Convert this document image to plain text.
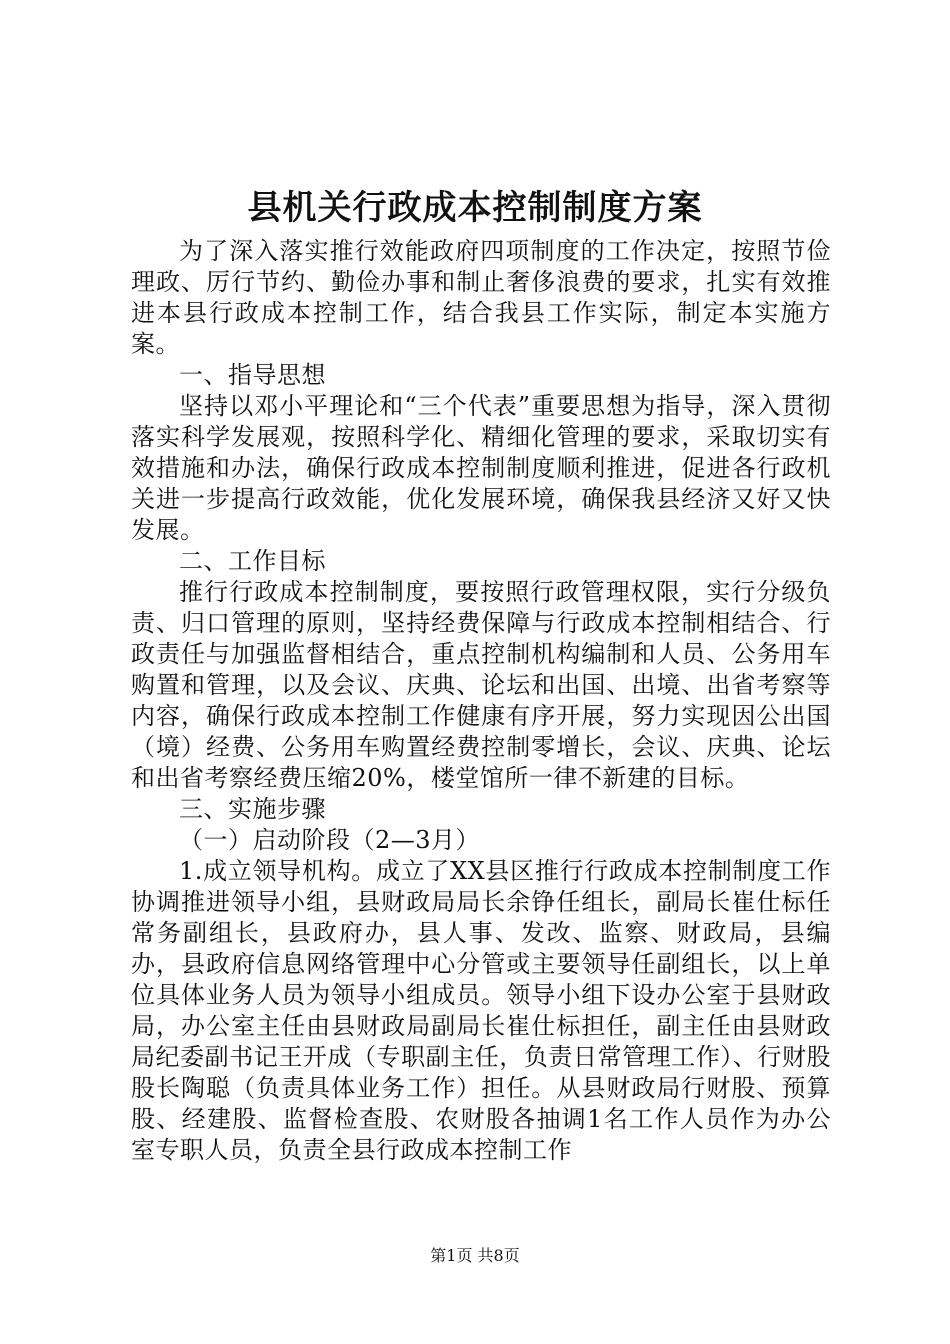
县机关行政成本控制制度方案

为了深入落实推行效能政府四项制度的工作决定，按照节俭理政、厉行节约、勤俭办事和制止奢侈浪费的要求，扎实有效推进本县行政成本控制工作，结合我县工作实际，制定本实施方案。

一、指导思想

坚持以邓小平理论和“三个代表”重要思想为指导，深入贯彻落实科学发展观，按照科学化、精细化管理的要求，采取切实有效措施和办法，确保行政成本控制制度顺利推进，促进各行政机关进一步提高行政效能，优化发展环境，确保我县经济又好又快发展。

二、工作目标

推行行政成本控制制度，要按照行政管理权限，实行分级负责、归口管理的原则，坚持经费保障与行政成本控制相结合、行政责任与加强监督相结合，重点控制机构编制和人员、公务用车购置和管理，以及会议、庆典、论坛和出国、出境、出省考察等内容，确保行政成本控制工作健康有序开展，努力实现因公出国（境）经费、公务用车购置经费控制零增长，会议、庆典、论坛和出省考察经费压缩20%，楼堂馆所一律不新建的目标。

三、实施步骤

（一）启动阶段（2—3月）

1.成立领导机构。成立了XX县区推行行政成本控制制度工作协调推进领导小组，县财政局局长余铮任组长，副局长崔仕标任常务副组长，县政府办，县人事、发改、监察、财政局，县编办，县政府信息网络管理中心分管或主要领导任副组长，以上单位具体业务人员为领导小组成员。领导小组下设办公室于县财政局，办公室主任由县财政局副局长崔仕标担任，副主任由县财政局纪委副书记王开成（专职副主任，负责日常管理工作）、行财股股长陶聪（负责具体业务工作）担任。从县财政局行财股、预算股、经建股、监督检查股、农财股各抽调1名工作人员作为办公室专职人员，负责全县行政成本控制工作

第1页 共8页
